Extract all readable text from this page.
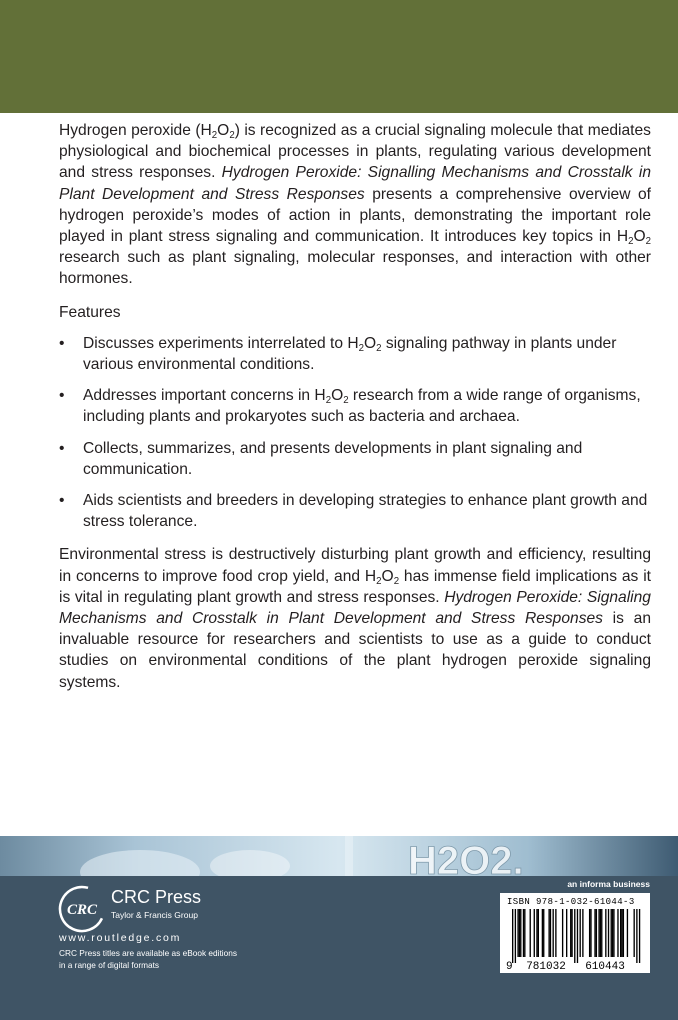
Hydrogen peroxide (H2O2) is recognized as a crucial signaling molecule that mediates physiological and biochemical processes in plants, regulating various development and stress responses. Hydrogen Peroxide: Signalling Mechanisms and Crosstalk in Plant Development and Stress Responses presents a comprehensive overview of hydrogen peroxide’s modes of action in plants, demonstrating the important role played in plant stress signaling and communication. It introduces key topics in H2O2 research such as plant signaling, molecular responses, and interaction with other hormones.

Features

• Discusses experiments interrelated to H2O2 signaling pathway in plants under various environmental conditions.
• Addresses important concerns in H2O2 research from a wide range of organisms, including plants and prokaryotes such as bacteria and archaea.
• Collects, summarizes, and presents developments in plant signaling and communication.
• Aids scientists and breeders in developing strategies to enhance plant growth and stress tolerance.

Environmental stress is destructively disturbing plant growth and efficiency, resulting in concerns to improve food crop yield, and H2O2 has immense field implications as it is vital in regulating plant growth and stress responses. Hydrogen Peroxide: Signaling Mechanisms and Crosstalk in Plant Development and Stress Responses is an invaluable resource for researchers and scientists to use as a guide to conduct studies on environmental conditions of the plant hydrogen peroxide signaling systems.

H2O2.
an informa business
CRC
CRC Press
Taylor & Francis Group
www.routledge.com
CRC Press titles are available as eBook editions
in a range of digital formats
ISBN 978-1-032-61044-3
9 781032 610443
